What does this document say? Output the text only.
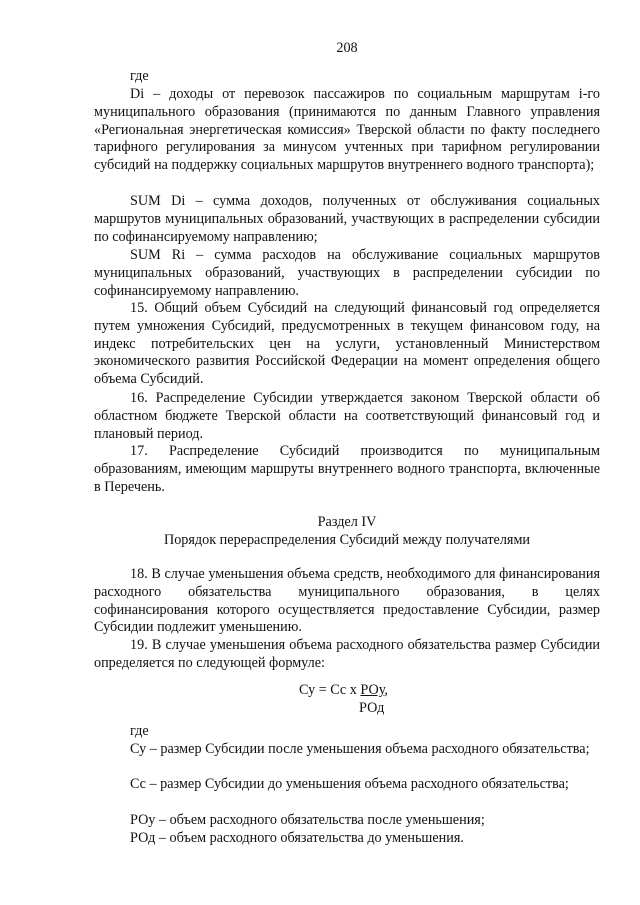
208

где

Di – доходы от перевозок пассажиров по социальным маршрутам i-го муниципального образования (принимаются по данным Главного управления «Региональная энергетическая комиссия» Тверской области по факту последнего тарифного регулирования за минусом учтенных при тарифном регулировании субсидий на поддержку социальных маршрутов внутреннего водного транспорта);

SUM Di – сумма доходов, полученных от обслуживания социальных маршрутов муниципальных образований, участвующих в распределении субсидии по софинансируемому направлению;

SUM Ri – сумма расходов на обслуживание социальных маршрутов муниципальных образований, участвующих в распределении субсидии по софинансируемому направлению.

15. Общий объем Субсидий на следующий финансовый год определяется путем умножения Субсидий, предусмотренных в текущем финансовом году, на индекс потребительских цен на услуги, установленный Министерством экономического развития Российской Федерации на момент определения общего объема Субсидий.

16. Распределение Субсидии утверждается законом Тверской области об областном бюджете Тверской области на соответствующий финансовый год и плановый период.

17. Распределение Субсидий производится по муниципальным образованиям, имеющим маршруты внутреннего водного транспорта, включенные в Перечень.

Раздел IV

Порядок перераспределения Субсидий между получателями

18. В случае уменьшения объема средств, необходимого для финансирования расходного обязательства муниципального образования, в целях софинансирования которого осуществляется предоставление Субсидии, размер Субсидии подлежит уменьшению.

19. В случае уменьшения объема расходного обязательства размер Субсидии определяется по следующей формуле:

Су = Сс х РОу,
РОд

где

Су – размер Субсидии после уменьшения объема расходного обязательства;

Сс – размер Субсидии до уменьшения объема расходного обязательства;

РОу – объем расходного обязательства после уменьшения;

РОд – объем расходного обязательства до уменьшения.
